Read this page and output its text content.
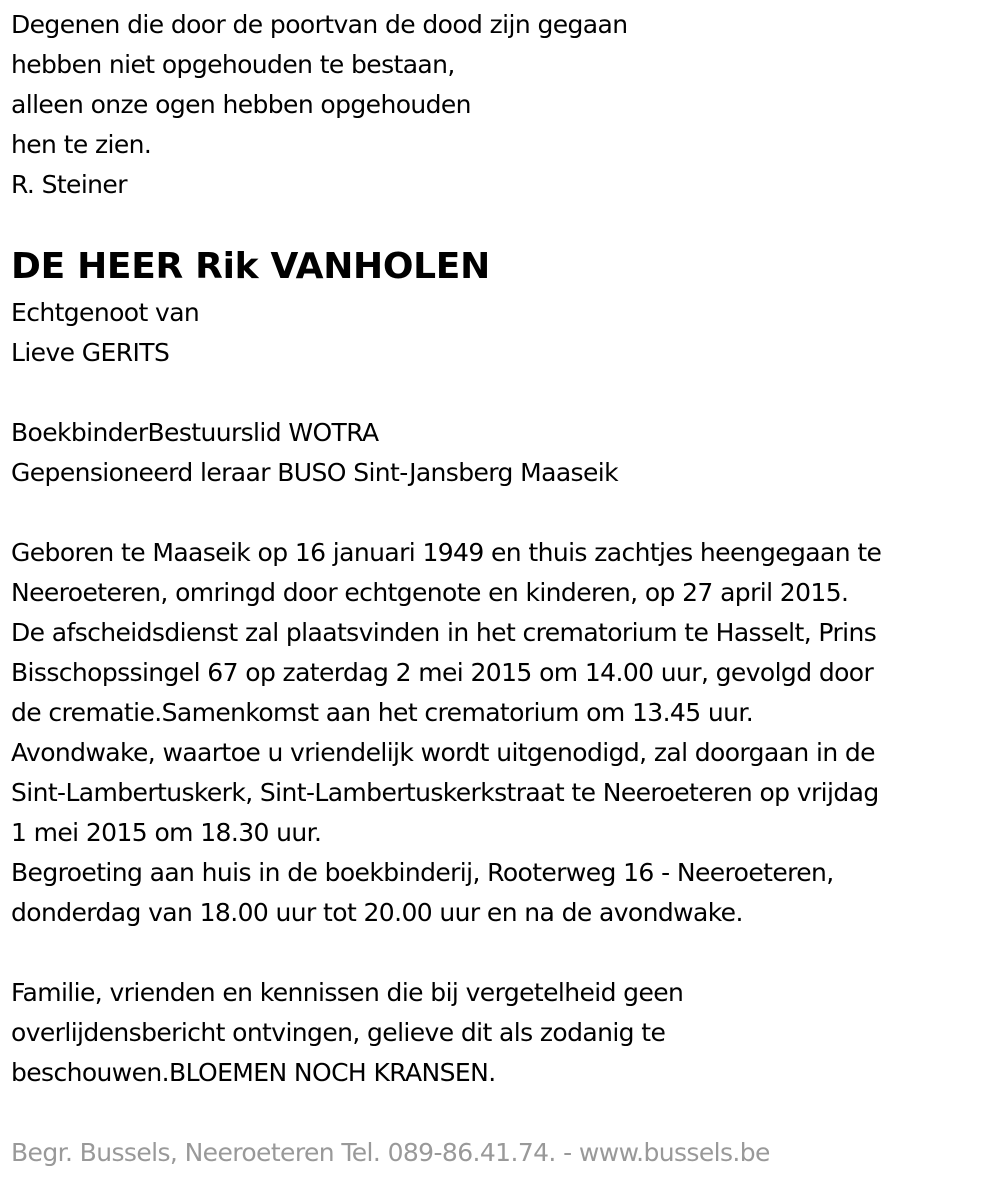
Degenen die door de poortvan de dood zijn gegaan
hebben niet opgehouden te bestaan,
alleen onze ogen hebben opgehouden
hen te zien.
R. Steiner
DE HEER Rik VANHOLEN
Echtgenoot van
Lieve GERITS
BoekbinderBestuurslid WOTRA
Gepensioneerd leraar BUSO Sint-Jansberg Maaseik
Geboren te Maaseik op 16 januari 1949 en thuis zachtjes heengegaan te
Neeroeteren, omringd door echtgenote en kinderen, op 27 april 2015.
De afscheidsdienst zal plaatsvinden in het crematorium te Hasselt, Prins
Bisschopssingel 67 op zaterdag 2 mei 2015 om 14.00 uur, gevolgd door
de crematie.Samenkomst aan het crematorium om 13.45 uur.
Avondwake, waartoe u vriendelijk wordt uitgenodigd, zal doorgaan in de
Sint-Lambertuskerk, Sint-Lambertuskerkstraat te Neeroeteren op vrijdag
1 mei 2015 om 18.30 uur.
Begroeting aan huis in de boekbinderij, Rooterweg 16 - Neeroeteren,
donderdag van 18.00 uur tot 20.00 uur en na de avondwake.
Familie, vrienden en kennissen die bij vergetelheid geen
overlijdensbericht ontvingen, gelieve dit als zodanig te
beschouwen.BLOEMEN NOCH KRANSEN.
Begr. Bussels, Neeroeteren Tel. 089-86.41.74. - www.bussels.be
